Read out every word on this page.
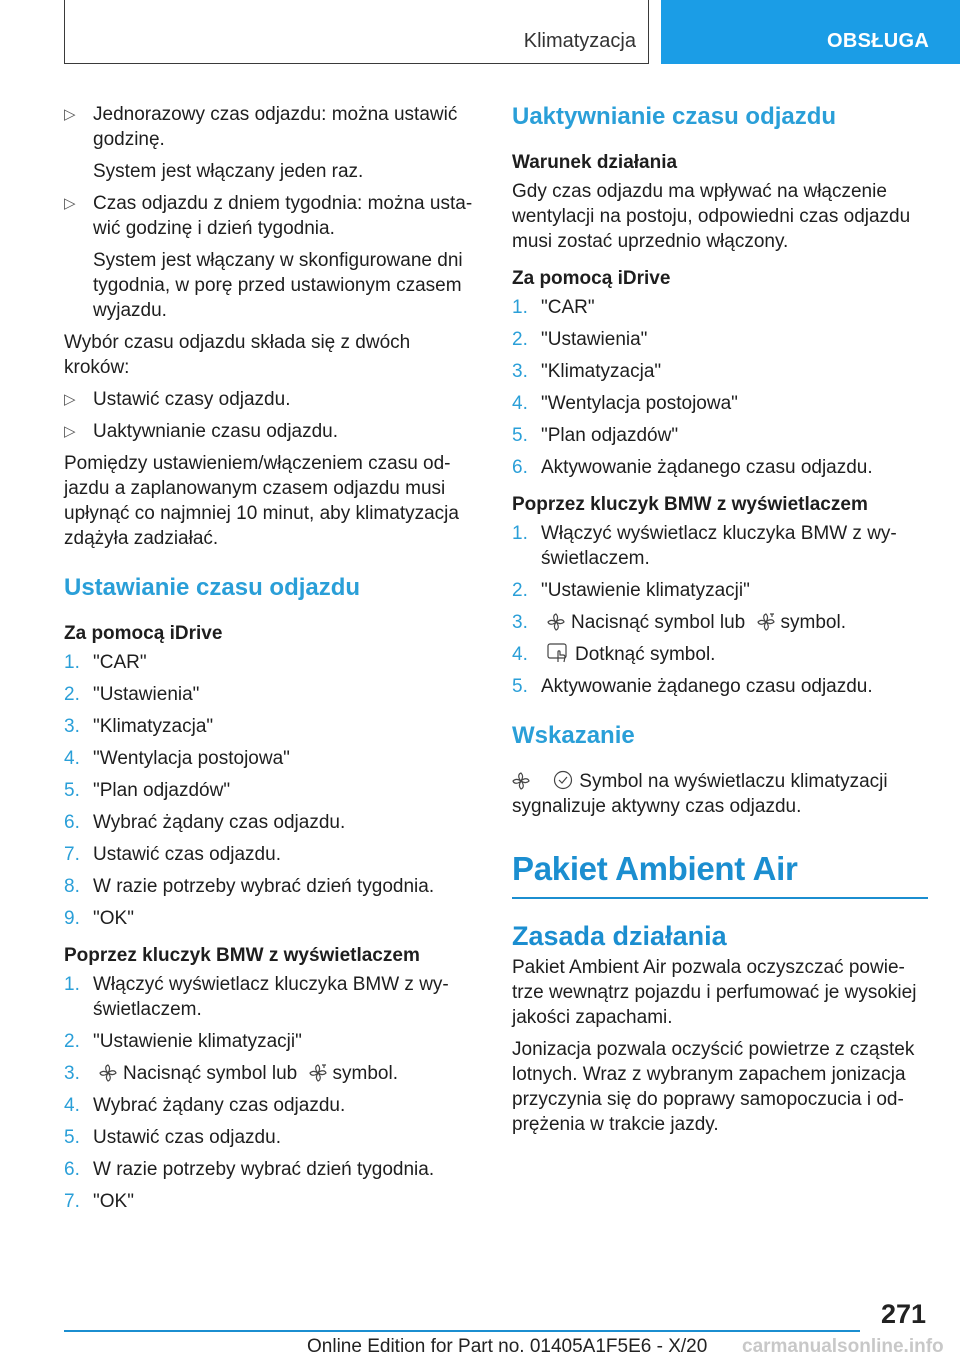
Klimatyzacja	OBSŁUGA
▷ Jednorazowy czas odjazdu: można ustawić godzinę.
System jest włączany jeden raz.
▷ Czas odjazdu z dniem tygodnia: można usta-wić godzinę i dzień tygodnia.
System jest włączany w skonfigurowane dni tygodnia, w porę przed ustawionym czasem wyjazdu.

Wybór czasu odjazdu składa się z dwóch kroków:

▷ Ustawić czasy odjazdu.
▷ Uaktywnianie czasu odjazdu.

Pomiędzy ustawieniem/włączeniem czasu od-jazdu a zaplanowanym czasem odjazdu musi upłynąć co najmniej 10 minut, aby klimatyzacja zdążyła zadziałać.

Ustawianie czasu odjazdu
Za pomocą iDrive
1. "CAR"
2. "Ustawienia"
3. "Klimatyzacja"
4. "Wentylacja postojowa"
5. "Plan odjazdów"
6. Wybrać żądany czas odjazdu.
7. Ustawić czas odjazdu.
8. W razie potrzeby wybrać dzień tygodnia.
9. "OK"
Poprzez kluczyk BMW z wyświetlaczem
1. Włączyć wyświetlacz kluczyka BMW z wy-świetlaczem.
2. "Ustawienie klimatyzacji"
3. Nacisnąć symbol lub symbol.
4. Wybrać żądany czas odjazdu.
5. Ustawić czas odjazdu.
6. W razie potrzeby wybrać dzień tygodnia.
7. "OK"
Uaktywnianie czasu odjazdu
Warunek działania

Gdy czas odjazdu ma wpływać na włączenie wentylacji na postoju, odpowiedni czas odjazdu musi zostać uprzednio włączony.

Za pomocą iDrive
1. "CAR"
2. "Ustawienia"
3. "Klimatyzacja"
4. "Wentylacja postojowa"
5. "Plan odjazdów"
6. Aktywowanie żądanego czasu odjazdu.
Poprzez kluczyk BMW z wyświetlaczem
1. Włączyć wyświetlacz kluczyka BMW z wy-świetlaczem.
2. "Ustawienie klimatyzacji"
3. Nacisnąć symbol lub symbol.
4. Dotknąć symbol.
5. Aktywowanie żądanego czasu odjazdu.
Wskazanie

Symbol na wyświetlaczu klimatyzacji sygnalizuje aktywny czas odjazdu.

Pakiet Ambient Air
Zasada działania

Pakiet Ambient Air pozwala oczyszczać powie-trze wewnątrz pojazdu i perfumować je wysokiej jakości zapachami.

Jonizacja pozwala oczyścić powietrze z cząstek lotnych. Wraz z wybranym zapachem jonizacja przyczynia się do poprawy samopoczucia i od-prężenia w trakcie jazdy.

271
Online Edition for Part no. 01405A1F5E6 - X/20 carmanualsonline.info
